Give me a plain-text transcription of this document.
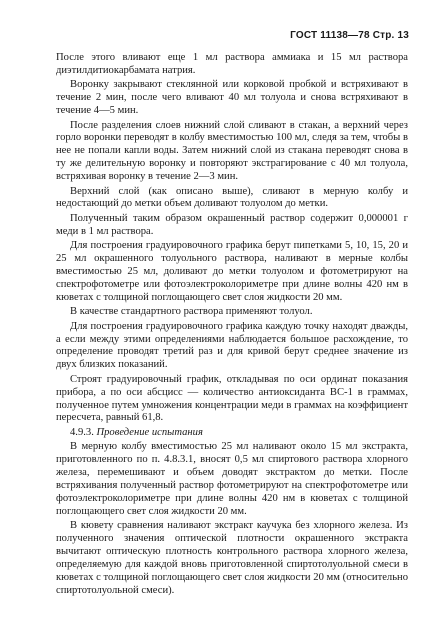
ГОСТ 11138—78 Стр. 13

После этого вливают еще 1 мл раствора аммиака и 15 мл раствора диэтилдитиокарбамата натрия.

Воронку закрывают стеклянной или корковой пробкой и встряхивают в течение 2 мин, после чего вливают 40 мл толуола и снова встряхивают в течение 4—5 мин.

После разделения слоев нижний слой сливают в стакан, а верхний через горло воронки переводят в колбу вместимостью 100 мл, следя за тем, чтобы в нее не попали капли воды. Затем нижний слой из стакана переводят снова в ту же делительную воронку и повторяют экстрагирование с 40 мл толуола, встряхивая воронку в течение 2—3 мин.

Верхний слой (как описано выше), сливают в мерную колбу и недостающий до метки объем доливают толуолом до метки.

Полученный таким образом окрашенный раствор содержит 0,000001 г меди в 1 мл раствора.

Для построения градуировочного графика берут пипетками 5, 10, 15, 20 и 25 мл окрашенного толуольного раствора, наливают в мерные колбы вместимостью 25 мл, доливают до метки толуолом и фотометрируют на спектрофотометре или фотоэлектроколориметре при длине волны 420 нм в кюветах с толщиной поглощающего свет слоя жидкости 20 мм.

В качестве стандартного раствора применяют толуол.

Для построения градуировочного графика каждую точку находят дважды, а если между этими определениями наблюдается большое расхождение, то определение проводят третий раз и для кривой берут среднее значение из двух близких показаний.

Строят градуировочный график, откладывая по оси ординат показания прибора, а по оси абсцисс — количество антиоксиданта ВС-1 в граммах, полученное путем умножения концентрации меди в граммах на коэффициент пересчета, равный 61,8.

4.9.3. Проведение испытания

В мерную колбу вместимостью 25 мл наливают около 15 мл экстракта, приготовленного по п. 4.8.3.1, вносят 0,5 мл спиртового раствора хлорного железа, перемешивают и объем доводят экстрактом до метки. После встряхивания полученный раствор фотометрируют на спектрофотометре или фотоэлектроколориметре при длине волны 420 нм в кюветах с толщиной поглощающего свет слоя жидкости 20 мм.

В кювету сравнения наливают экстракт каучука без хлорного железа. Из полученного значения оптической плотности окрашенного экстракта вычитают оптическую плотность контрольного раствора хлорного железа, определяемую для каждой вновь приготовленной спиртотолуольной смеси в кюветах с толщиной поглощающего свет слоя жидкости 20 мм (относительно спиртотолуольной смеси).
